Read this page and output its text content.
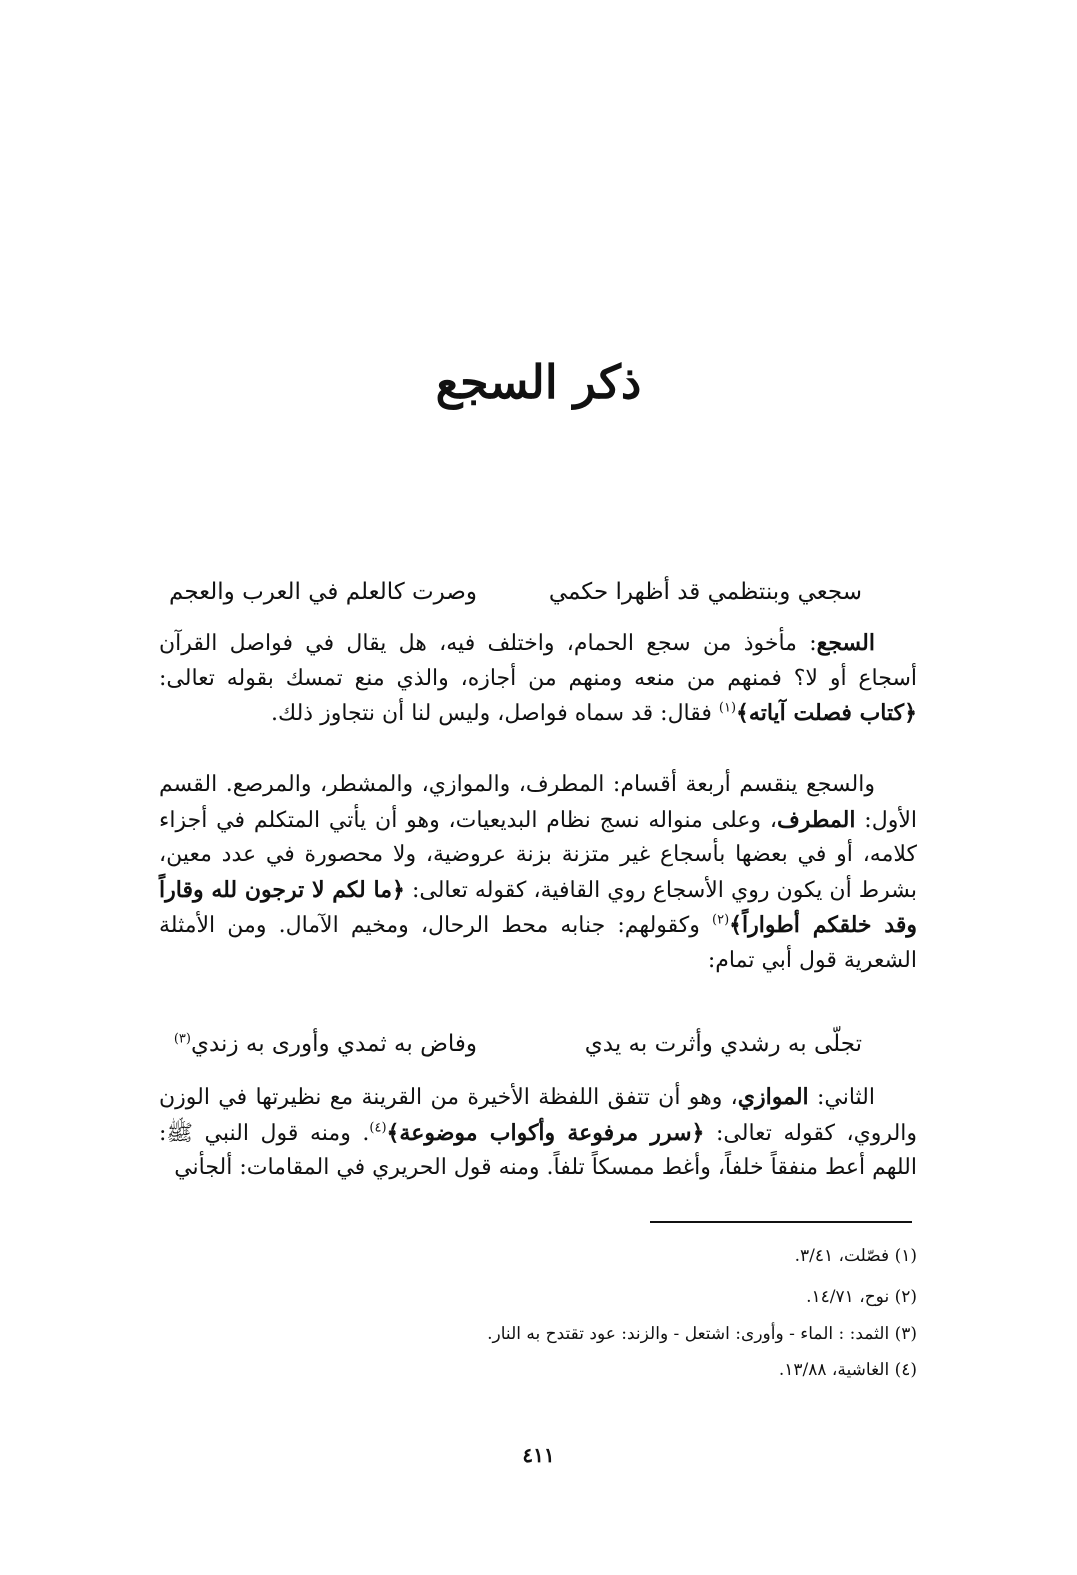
ذكر السجع
سجعي وبنتظمي قد أظهرا حكمي
وصرت كالعلم في العرب والعجم
السجع: مأخوذ من سجع الحمام، واختلف فيه، هل يقال في فواصل القرآن أسجاع أو لا؟ فمنهم من منعه ومنهم من أجازه، والذي منع تمسك بقوله تعالى: ﴿كتاب فصلت آياته﴾$^{(١)}$ فقال: قد سماه فواصل، وليس لنا أن نتجاوز ذلك.
والسجع ينقسم أربعة أقسام: المطرف، والموازي، والمشطر، والمرصع. القسم الأول: المطرف، وعلى منواله نسج نظام البديعيات، وهو أن يأتي المتكلم في أجزاء كلامه، أو في بعضها بأسجاع غير متزنة بزنة عروضية، ولا محصورة في عدد معين، بشرط أن يكون روي الأسجاع روي القافية، كقوله تعالى: ﴿ما لكم لا ترجون لله وقاراً وقد خلقكم أطواراً﴾$^{(٢)}$ وكقولهم: جنابه محط الرحال، ومخيم الآمال. ومن الأمثلة الشعرية قول أبي تمام:
تجلّى به رشدي وأثرت به يدي
وفاض به ثمدي وأورى به زندي$^{(٣)}$
الثاني: الموازي، وهو أن تتفق اللفظة الأخيرة من القرينة مع نظيرتها في الوزن والروي، كقوله تعالى: ﴿سرر مرفوعة وأكواب موضوعة﴾$^{(٤)}$. ومنه قول النبي ﷺ: اللهم أعط منفقاً خلفاً، وأغط ممسكاً تلفاً. ومنه قول الحريري في المقامات: ألجأني
(١) فصّلت، ٣/٤١.
(٢) نوح، ١٤/٧١.
(٣) الثمد: : الماء - وأورى: اشتعل - والزند: عود تقتدح به النار.
(٤) الغاشية، ١٣/٨٨.
٤١١
